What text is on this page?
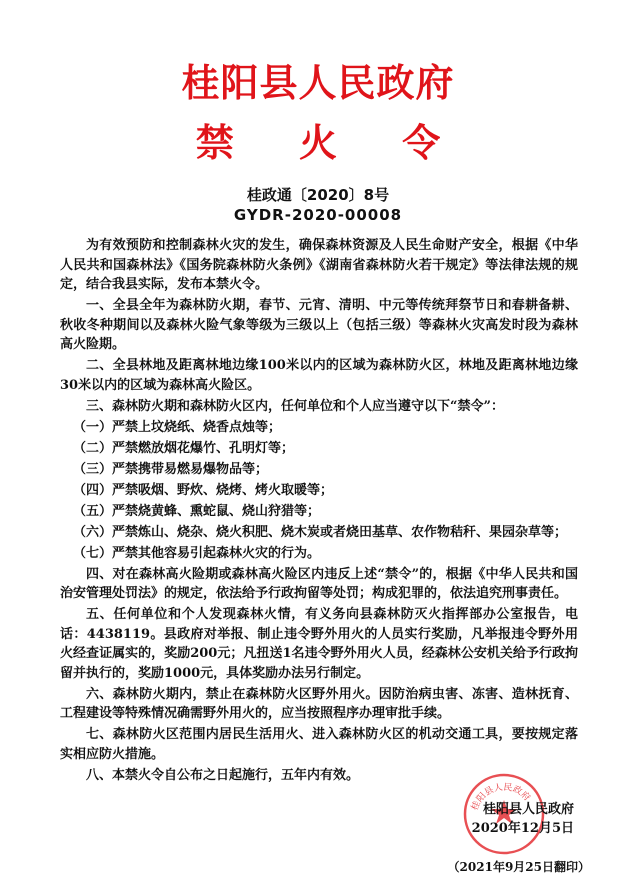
桂阳县人民政府
禁 火 令
桂政通〔2020〕8号
GYDR-2020-00008

为有效预防和控制森林火灾的发生，确保森林资源及人民生命财产安全，根据《中华人民共和国森林法》《国务院森林防火条例》《湖南省森林防火若干规定》等法律法规的规定，结合我县实际，发布本禁火令。

一、全县全年为森林防火期，春节、元宵、清明、中元等传统拜祭节日和春耕备耕、秋收冬种期间以及森林火险气象等级为三级以上（包括三级）等森林火灾高发时段为森林高火险期。

二、全县林地及距离林地边缘100米以内的区域为森林防火区，林地及距离林地边缘30米以内的区域为森林高火险区。

三、森林防火期和森林防火区内，任何单位和个人应当遵守以下“禁令”：

（一）严禁上坟烧纸、烧香点烛等；

（二）严禁燃放烟花爆竹、孔明灯等；

（三）严禁携带易燃易爆物品等；

（四）严禁吸烟、野炊、烧烤、烤火取暖等；

（五）严禁烧黄蜂、熏蛇鼠、烧山狩猎等；

（六）严禁炼山、烧杂、烧火积肥、烧木炭或者烧田基草、农作物秸秆、果园杂草等；

（七）严禁其他容易引起森林火灾的行为。

四、对在森林高火险期或森林高火险区内违反上述“禁令”的，根据《中华人民共和国治安管理处罚法》的规定，依法给予行政拘留等处罚；构成犯罪的，依法追究刑事责任。

五、任何单位和个人发现森林火情，有义务向县森林防灭火指挥部办公室报告，电话：4438119。县政府对举报、制止违令野外用火的人员实行奖励，凡举报违令野外用火经查证属实的，奖励200元；凡扭送1名违令野外用火人员，经森林公安机关给予行政拘留并执行的，奖励1000元，具体奖励办法另行制定。

六、森林防火期内，禁止在森林防火区野外用火。因防治病虫害、冻害、造林抚育、工程建设等特殊情况确需野外用火的，应当按照程序办理审批手续。

七、森林防火区范围内居民生活用火、进入森林防火区的机动交通工具，要按规定落实相应防火措施。

八、本禁火令自公布之日起施行，五年内有效。

桂阳县人民政府
桂阳县人民政府
2020年12月5日
（2021年9月25日翻印）
